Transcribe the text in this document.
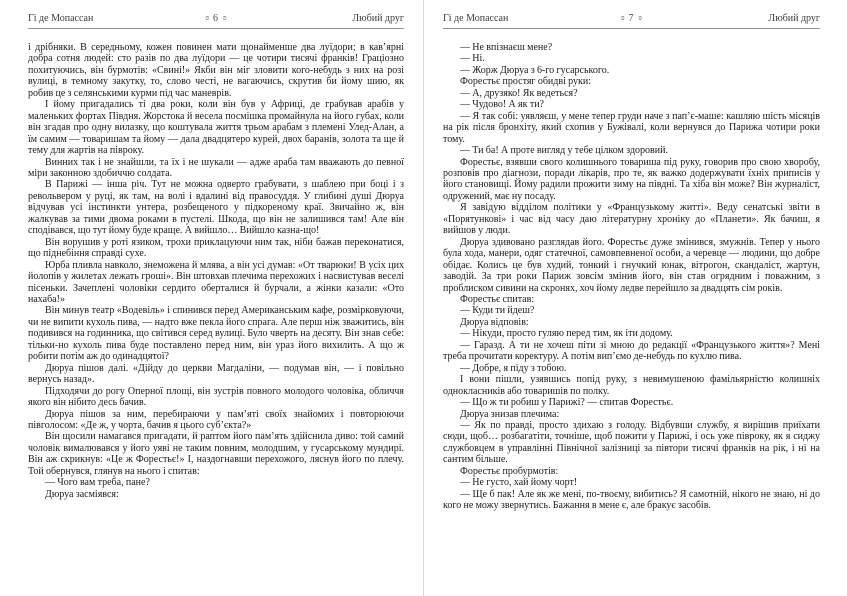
Гі де Мопассан	ɞ 6 ʚ	Любий друг

і дрібняки. В середньому, кожен повинен мати щонайменше два луїдори; в кав’ярні добра сотня людей: сто разів по два луїдори — це чотири тисячі франків! Граціозно похитуючись, він бурмотів: «Свині!» Якби він міг зловити кого-небудь з них на розі вулиці, в темному закутку, то, слово честі, не вагаючись, скрутив би йому шию, як робив це з селянськими курми під час маневрів.

І йому пригадались ті два роки, коли він був у Африці, де грабував арабів у маленьких фортах Півдня. Жорстока й весела посмішка промайнула на його губах, коли він згадав про одну вилазку, що коштувала життя трьом арабам з племені Улед-Алан, а їм самим — товаришам та йому — дала двадцятеро курей, двох баранів, золота та ще й тему для жартів на півроку.

Винних так і не знайшли, та їх і не шукали — адже араба там вважають до певної міри законною здобиччю солдата.

В Парижі — інша річ. Тут не можна одверто грабувати, з шаблею при боці і з револьвером у руці, як там, на волі і вдалині від правосуддя. У глибині душі Дюруа відчував усі інстинкти унтера, розбещеного у підкореному краї. Звичайно ж, він жалкував за тими двома роками в пустелі. Шкода, що він не залишився там! Але він сподівався, що тут йому буде краще. А вийшло… Вийшло казна-що!

Він ворушив у роті язиком, трохи приклацуючи ним так, ніби бажав переконатися, що піднебіння справді сухе.

Юрба пливла навколо, знеможена й млява, а він усі думав: «От тварюки! В усіх цих йолопів у жилетах лежать гроші». Він штовхав плечима перехожих і насвистував веселі пісеньки. Зачеплені чоловіки сердито оберталися й бурчали, а жінки казали: «Ото нахаба!»

Він минув театр «Водевіль» і спинився перед Американським кафе, розмірковуючи, чи не випити кухоль пива, — надто вже пекла його спрага. Але перш ніж зважитись, він подивився на годинника, що світився серед вулиці. Було чверть на десяту. Він знав себе: тільки-но кухоль пива буде поставлено перед ним, він ураз його вихилить. А що ж робити потім аж до одинадцятої?

Дюруа пішов далі. «Дійду до церкви Магдаліни, — подумав він, — і повільно вернусь назад».

Підходячи до рогу Оперної площі, він зустрів повного молодого чоловіка, обличчя якого він нібито десь бачив.

Дюруа пішов за ним, перебираючи у пам’яті своїх знайомих і повторюючи півголосом: «Де ж, у чорта, бачив я цього суб’єкта?»

Він щосили намагався пригадати, й раптом його пам’ять здійснила диво: той самий чоловік вималювався у його уяві не таким повним, молодшим, у гусарському мундирі. Він аж скрикнув: «Це ж Форестьє!» І, наздогнавши перехожого, ляснув його по плечу. Той обернувся, глянув на нього і спитав:

— Чого вам треба, пане?

Дюруа засміявся:

Гі де Мопассан	ɞ 7 ʚ	Любий друг

— Не впізнаєш мене?

— Ні.

— Жорж Дюруа з 6-го гусарського.

Форестьє простяг обидві руки:

— А, друзяко! Як ведеться?

— Чудово! А як ти?

— Я так собі: уявляєш, у мене тепер груди наче з пап’є-маше: кашляю шість місяців на рік після бронхіту, який схопив у Бужівалі, коли вернувся до Парижа чотири роки тому.

— Ти ба! А проте вигляд у тебе цілком здоровий.

Форестьє, взявши свого колишнього товариша під руку, говорив про свою хворобу, розповів про діагнози, поради лікарів, про те, як важко додержувати їхніх приписів у його становищі. Йому радили прожити зиму на півдні. Та хіба він може? Він журналіст, одружений, має ну посаду.

Я завідую відділом політики у «Французькому житті». Веду сенатські звіти в «Порятункові» і час від часу даю літературну хроніку до «Планети». Як бачиш, я вийшов у люди.

Дюруа здивовано разглядав його. Форестьє дуже змінився, змужнів. Тепер у нього була хода, манери, одяг статечної, самовпевненої особи, а черевце — людини, що добре обідає. Колись це був худий, тонкий і гнучкий юнак, вітрогон, скандаліст, жартун, заводій. За три роки Париж зовсім змінив його, він став огрядним і поважним, з проблиском сивини на скронях, хоч йому ледве перейшло за двадцять сім років.

Форестьє спитав:

— Куди ти йдеш?

Дюруа відповів:

— Нікуди, просто гуляю перед тим, як іти додому.

— Гаразд. А ти не хочеш піти зі мною до редакції «Французького життя»? Мені треба прочитати коректуру. А потім вип’ємо де-небудь по кухлю пива.

— Добре, я піду з тобою.

І вони пішли, узявшись попід руку, з невимушеною фамільярністю колишніх однокласників або товаришів по полку.

— Що ж ти робиш у Парижі? — спитав Форестьє.

Дюруа знизав плечима:

— Як по правді, просто здихаю з голоду. Відбувши службу, я вирішив приїхати сюди, щоб… розбагатіти, точніше, щоб пожити у Парижі, і ось уже півроку, як я сиджу службовцем в управлінні Північної залізниці за півтори тисячі франків на рік, і ні на сантим більше.

Форестьє пробурмотів:

— Не густо, хай йому чорт!

— Ще б пак! Але як же мені, по-твоєму, вибитись? Я самотній, нікого не знаю, ні до кого не можу звернутись. Бажання в мене є, але бракує засобів.
